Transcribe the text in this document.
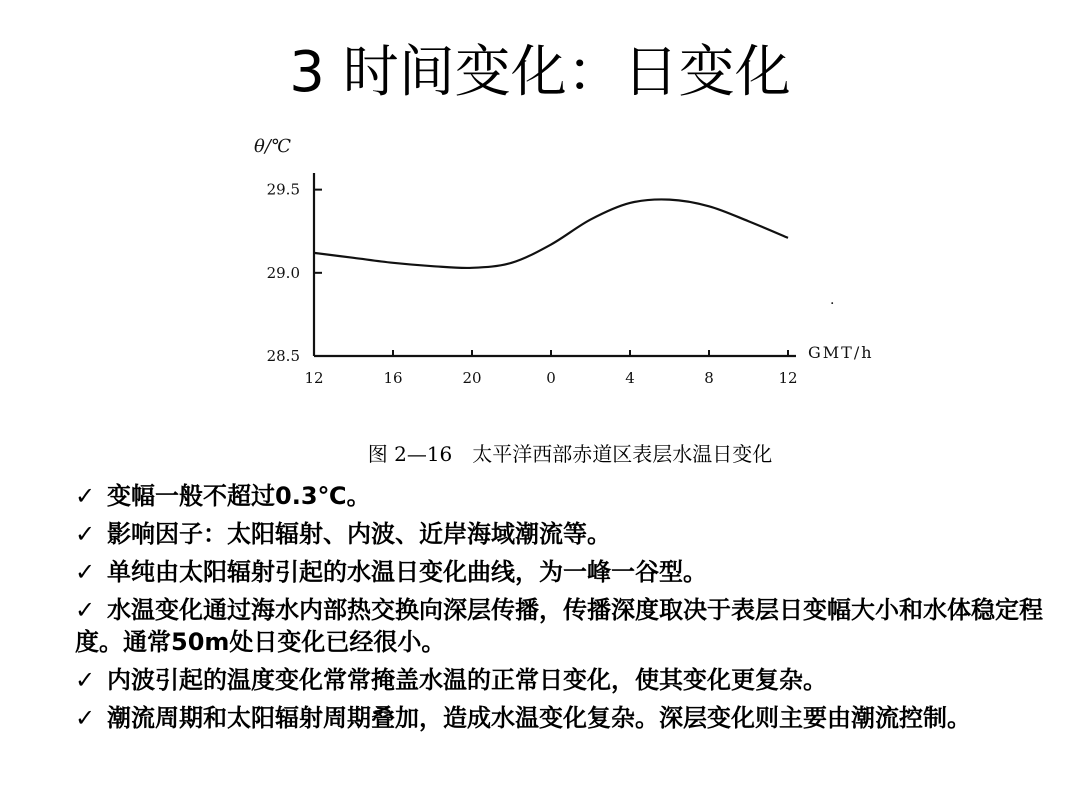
3 时间变化：日变化
θ/℃
28.5
29.0
29.5
12	16	20	0	4	8	12
GMT/h
·
图 2—16　太平洋西部赤道区表层水温日变化
✓ 变幅一般不超过0.3℃。
✓ 影响因子：太阳辐射、内波、近岸海域潮流等。
✓ 单纯由太阳辐射引起的水温日变化曲线，为一峰一谷型。
✓ 水温变化通过海水内部热交换向深层传播，传播深度取决于表层日变幅大小和水体稳定程度。通常50m处日变化已经很小。
✓ 内波引起的温度变化常常掩盖水温的正常日变化，使其变化更复杂。
✓ 潮流周期和太阳辐射周期叠加，造成水温变化复杂。深层变化则主要由潮流控制。
